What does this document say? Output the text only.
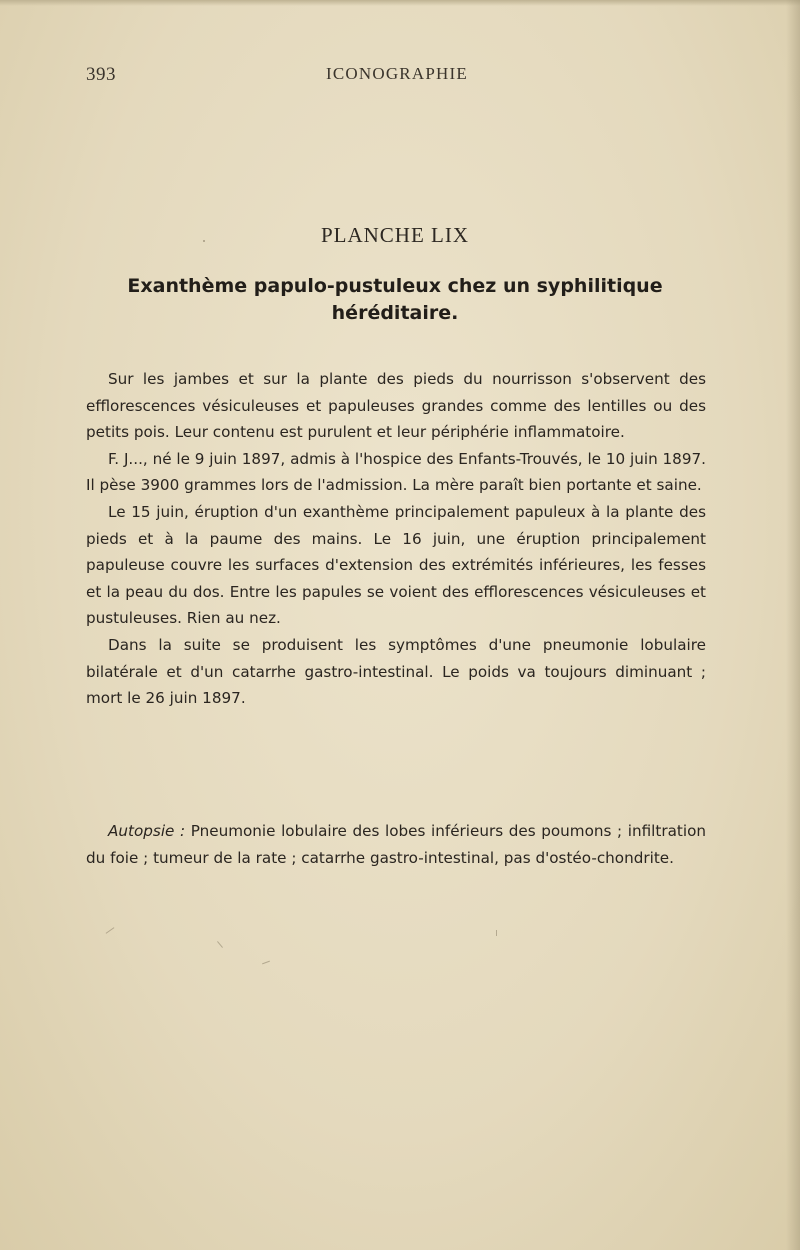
393	ICONOGRAPHIE
PLANCHE LIX
Exanthème papulo-pustuleux chez un syphilitique
héréditaire.

Sur les jambes et sur la plante des pieds du nourrisson s'observent des efflorescences vésiculeuses et papuleuses grandes comme des lentilles ou des petits pois. Leur contenu est purulent et leur périphérie inflammatoire.

F. J..., né le 9 juin 1897, admis à l'hospice des Enfants-Trouvés, le 10 juin 1897. Il pèse 3900 grammes lors de l'admission. La mère paraît bien portante et saine.

Le 15 juin, éruption d'un exanthème principalement papuleux à la plante des pieds et à la paume des mains. Le 16 juin, une éruption principalement papuleuse couvre les surfaces d'extension des extrémités inférieures, les fesses et la peau du dos. Entre les papules se voient des efflorescences vésiculeuses et pustuleuses. Rien au nez.

Dans la suite se produisent les symptômes d'une pneumonie lobulaire bilatérale et d'un catarrhe gastro-intestinal. Le poids va toujours diminuant ; mort le 26 juin 1897.

Autopsie : Pneumonie lobulaire des lobes inférieurs des poumons ; infiltration du foie ; tumeur de la rate ; catarrhe gastro-intestinal, pas d'ostéo-chondrite.
